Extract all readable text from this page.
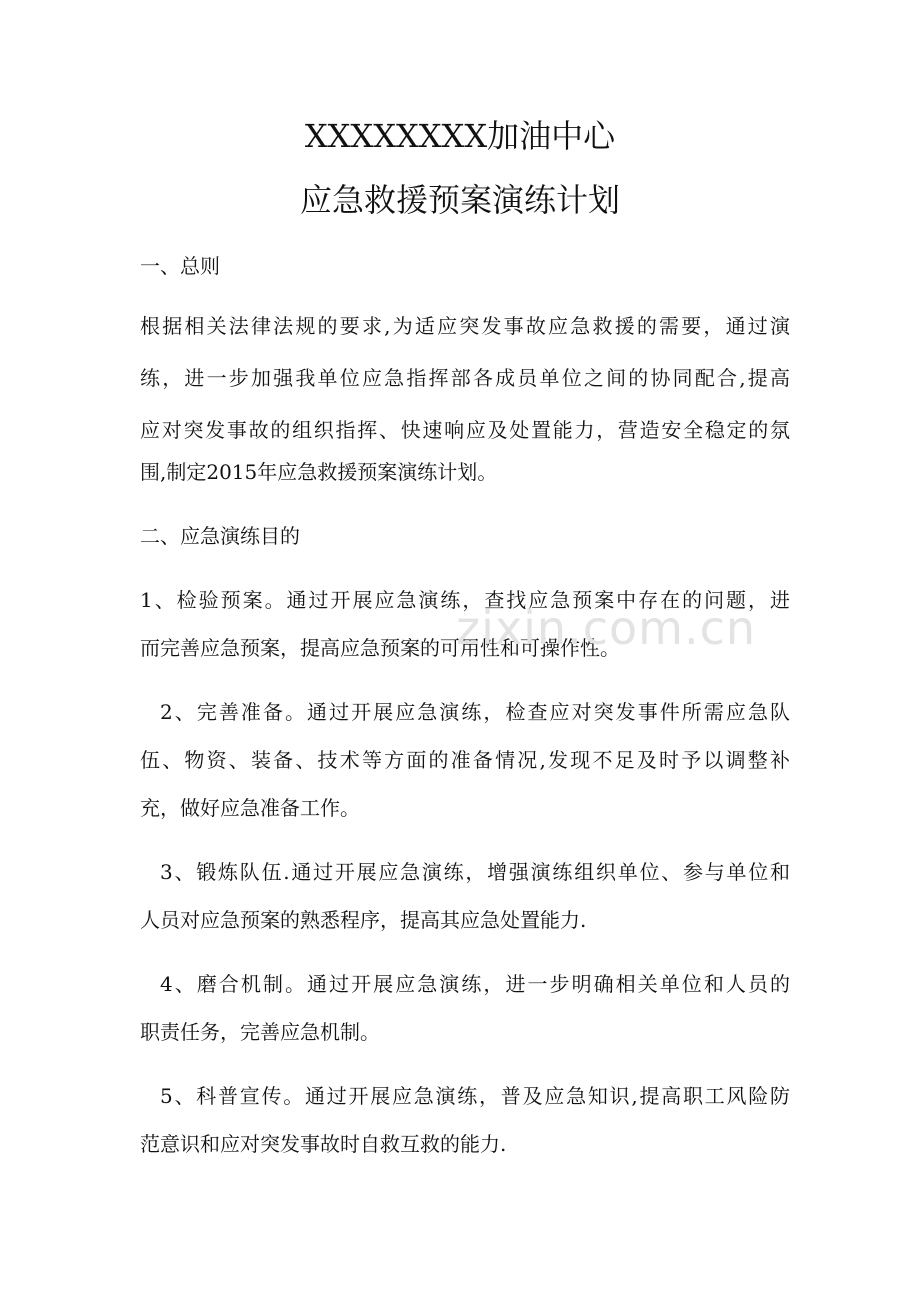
XXXXXXXX加油中心
应急救援预案演练计划
一、总则
根据相关法律法规的要求,为适应突发事故应急救援的需要，通过演
练，进一步加强我单位应急指挥部各成员单位之间的协同配合,提高
应对突发事故的组织指挥、快速响应及处置能力，营造安全稳定的氛
围,制定2015年应急救援预案演练计划。
二、应急演练目的
1、检验预案。通过开展应急演练，查找应急预案中存在的问题，进
而完善应急预案，提高应急预案的可用性和可操作性。
2、完善准备。通过开展应急演练，检查应对突发事件所需应急队
伍、物资、装备、技术等方面的准备情况,发现不足及时予以调整补
充，做好应急准备工作。
3、锻炼队伍.通过开展应急演练，增强演练组织单位、参与单位和
人员对应急预案的熟悉程序，提高其应急处置能力.
4、磨合机制。通过开展应急演练，进一步明确相关单位和人员的
职责任务，完善应急机制。
5、科普宣传。通过开展应急演练，普及应急知识,提高职工风险防
范意识和应对突发事故时自救互救的能力.
zixin.com.cn
